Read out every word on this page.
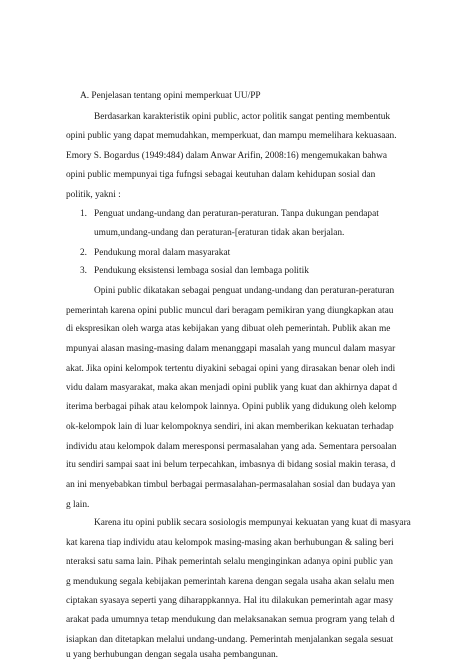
A. Penjelasan tentang opini memperkuat UU/PP
Berdasarkan karakteristik opini public, actor politik sangat penting membentuk
opini public yang dapat memudahkan, memperkuat, dan mampu memelihara kekuasaan.
Emory S. Bogardus (1949:484) dalam Anwar Arifin, 2008:16) mengemukakan bahwa
opini public mempunyai tiga fufngsi sebagai keutuhan dalam kehidupan sosial dan
politik, yakni :
1. Penguat undang-undang dan peraturan-peraturan. Tanpa dukungan pendapat
umum,undang-undang dan peraturan-[eraturan tidak akan berjalan.
2. Pendukung moral dalam masyarakat
3. Pendukung eksistensi lembaga sosial dan lembaga politik
Opini public dikatakan sebagai penguat undang-undang dan peraturan-peraturan
pemerintah karena opini public muncul dari beragam pemikiran yang diungkapkan atau
di ekspresikan oleh warga atas kebijakan yang dibuat oleh pemerintah. Publik akan me
mpunyai alasan masing-masing dalam menanggapi masalah yang muncul dalam masyar
akat. Jika opini kelompok tertentu diyakini sebagai opini yang dirasakan benar oleh indi
vidu dalam masyarakat, maka akan menjadi opini publik yang kuat dan akhirnya dapat d
iterima berbagai pihak atau kelompok lainnya. Opini publik yang didukung oleh kelomp
ok-kelompok lain di luar kelompoknya sendiri, ini akan memberikan kekuatan terhadap
individu atau kelompok dalam meresponsi permasalahan yang ada. Sementara persoalan
itu sendiri sampai saat ini belum terpecahkan, imbasnya di bidang sosial makin terasa, d
an ini menyebabkan timbul berbagai permasalahan-permasalahan sosial dan budaya yan
g lain.
Karena itu opini publik secara sosiologis mempunyai kekuatan yang kuat di masyara
kat karena tiap individu atau kelompok masing-masing akan berhubungan & saling beri
nteraksi satu sama lain. Pihak pemerintah selalu menginginkan adanya opini public yan
g mendukung segala kebijakan pemerintah karena dengan segala usaha akan selalu men
ciptakan syasaya seperti yang diharappkannya. Hal itu dilakukan pemerintah agar masy
arakat pada umumnya tetap mendukung dan melaksanakan semua program yang telah d
isiapkan dan ditetapkan melalui undang-undang. Pemerintah menjalankan segala sesuat
u yang berhubungan dengan segala usaha pembangunan.
